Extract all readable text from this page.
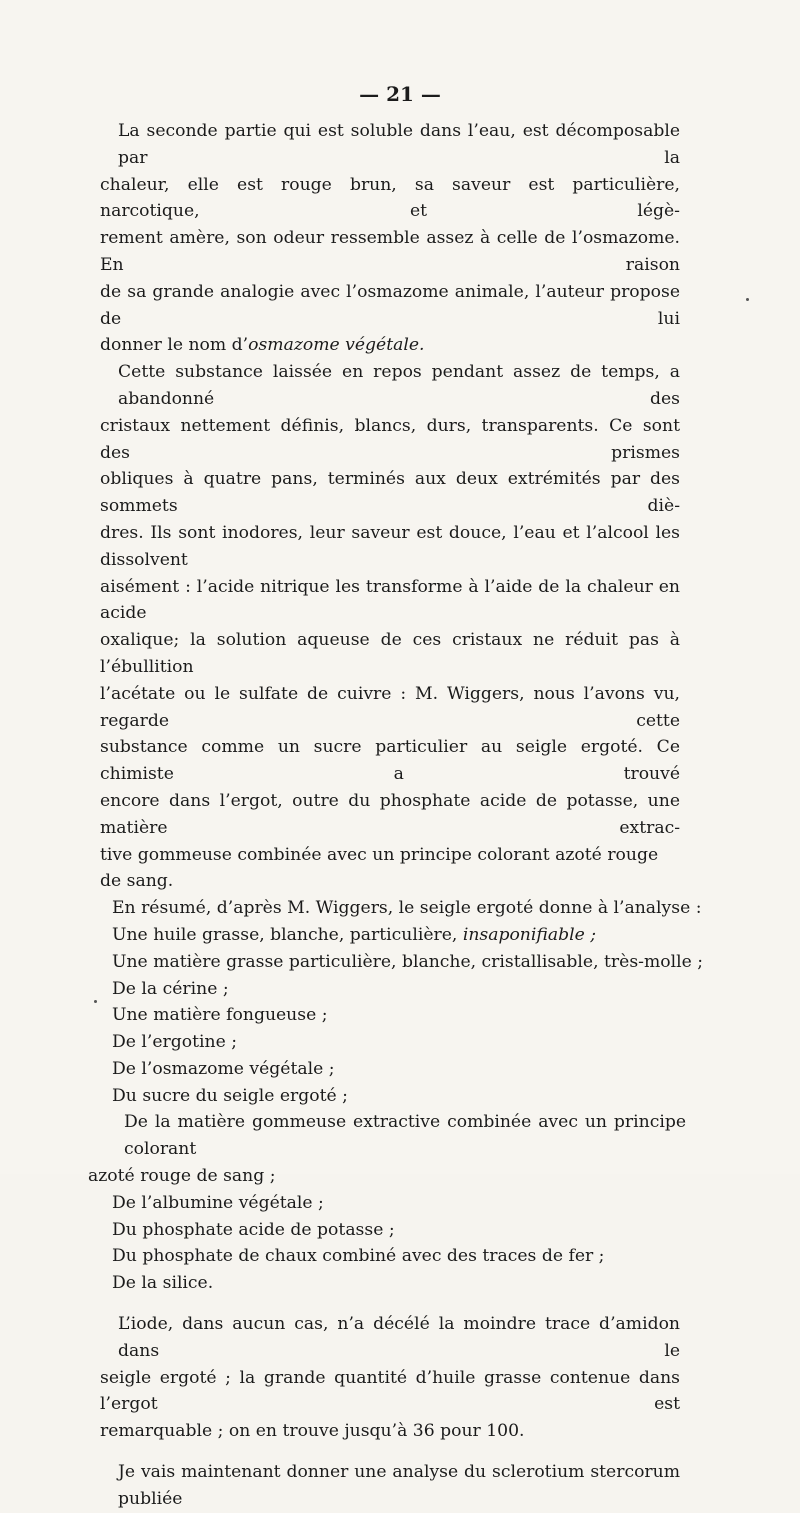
— 21 —
La seconde partie qui est soluble dans l’eau, est décomposable par la
chaleur, elle est rouge brun, sa saveur est particulière, narcotique, et légè-
rement amère, son odeur ressemble assez à celle de l’osmazome. En raison
de sa grande analogie avec l’osmazome animale, l’auteur propose de lui
donner le nom d’osmazome végétale.
Cette substance laissée en repos pendant assez de temps, a abandonné des
cristaux nettement définis, blancs, durs, transparents. Ce sont des prismes
obliques à quatre pans, terminés aux deux extrémités par des sommets diè-
dres. Ils sont inodores, leur saveur est douce, l’eau et l’alcool les dissolvent
aisément : l’acide nitrique les transforme à l’aide de la chaleur en acide
oxalique; la solution aqueuse de ces cristaux ne réduit pas à l’ébullition
l’acétate ou le sulfate de cuivre : M. Wiggers, nous l’avons vu, regarde cette
substance comme un sucre particulier au seigle ergoté. Ce chimiste a trouvé
encore dans l’ergot, outre du phosphate acide de potasse, une matière extrac-
tive gommeuse combinée avec un principe colorant azoté rouge de sang.
En résumé, d’après M. Wiggers, le seigle ergoté donne à l’analyse :
Une huile grasse, blanche, particulière, insaponifiable ;
Une matière grasse particulière, blanche, cristallisable, très-molle ;
De la cérine ;
Une matière fongueuse ;
De l’ergotine ;
De l’osmazome végétale ;
Du sucre du seigle ergoté ;
De la matière gommeuse extractive combinée avec un principe colorant
azoté rouge de sang ;
De l’albumine végétale ;
Du phosphate acide de potasse ;
Du phosphate de chaux combiné avec des traces de fer ;
De la silice.
L’iode, dans aucun cas, n’a décélé la moindre trace d’amidon dans le
seigle ergoté ; la grande quantité d’huile grasse contenue dans l’ergot est
remarquable ; on en trouve jusqu’à 36 pour 100.
Je vais maintenant donner une analyse du sclerotium stercorum publiée
